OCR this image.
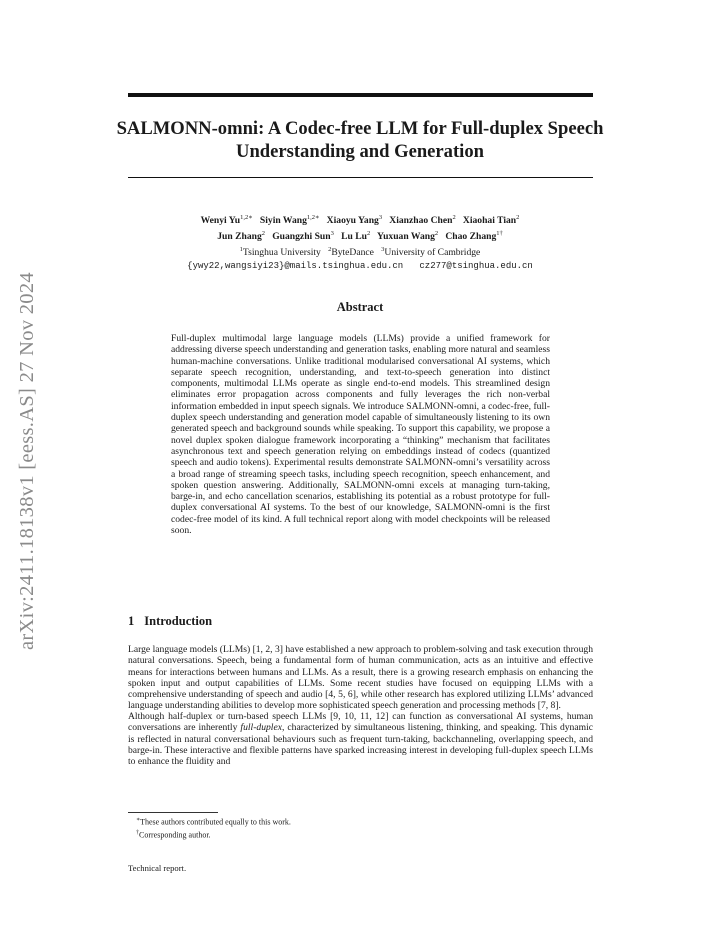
arXiv:2411.18138v1 [eess.AS] 27 Nov 2024
SALMONN-omni: A Codec-free LLM for Full-duplex Speech Understanding and Generation
Wenyi $Yu^{1,2∗}$ Siyin Wang$^{1,2∗}$ Xiaoyu Yang$^3$ Xianzhao Chen$^2$ Xiaohai Tian$^2$
Jun Zhang$^2$ Guangzhi Sun$^3$ Lu Lu$^2$ Yuxuan Wang$^2$ Chao Zhang$^{1\dagger}$
$^1$Tsinghua University $^2$ByteDance $^3$University of Cambridge
{ywy22,wangsiyi23}@mails.tsinghua.edu.cn   cz277@tsinghua.edu.cn
Abstract
Full-duplex multimodal large language models (LLMs) provide a unified framework for addressing diverse speech understanding and generation tasks, enabling more natural and seamless human-machine conversations. Unlike traditional modularised conversational AI systems, which separate speech recognition, understanding, and text-to-speech generation into distinct components, multimodal LLMs operate as single end-to-end models. This streamlined design eliminates error propagation across components and fully leverages the rich non-verbal information embedded in input speech signals. We introduce SALMONN-omni, a codec-free, full-duplex speech understanding and generation model capable of simultaneously listening to its own generated speech and background sounds while speaking. To support this capability, we propose a novel duplex spoken dialogue framework incorporating a “thinking” mechanism that facilitates asynchronous text and speech generation relying on embeddings instead of codecs (quantized speech and audio tokens). Experimental results demonstrate SALMONN-omni’s versatility across a broad range of streaming speech tasks, including speech recognition, speech enhancement, and spoken question answering. Additionally, SALMONN-omni excels at managing turn-taking, barge-in, and echo cancellation scenarios, establishing its potential as a robust prototype for full-duplex conversational AI systems. To the best of our knowledge, SALMONN-omni is the first codec-free model of its kind. A full technical report along with model checkpoints will be released soon.
1 Introduction
Large language models (LLMs) [1, 2, 3] have established a new approach to problem-solving and task execution through natural conversations. Speech, being a fundamental form of human communication, acts as an intuitive and effective means for interactions between humans and LLMs. As a result, there is a growing research emphasis on enhancing the spoken input and output capabilities of LLMs. Some recent studies have focused on equipping LLMs with a comprehensive understanding of speech and audio [4, 5, 6], while other research has explored utilizing LLMs’ advanced language understanding abilities to develop more sophisticated speech generation and processing methods [7, 8].
Although half-duplex or turn-based speech LLMs [9, 10, 11, 12] can function as conversational AI systems, human conversations are inherently full-duplex, characterized by simultaneous listening, thinking, and speaking. This dynamic is reflected in natural conversational behaviours such as frequent turn-taking, backchanneling, overlapping speech, and barge-in. These interactive and flexible patterns have sparked increasing interest in developing full-duplex speech LLMs to enhance the fluidity and
∗These authors contributed equally to this work.
†Corresponding author.
Technical report.
